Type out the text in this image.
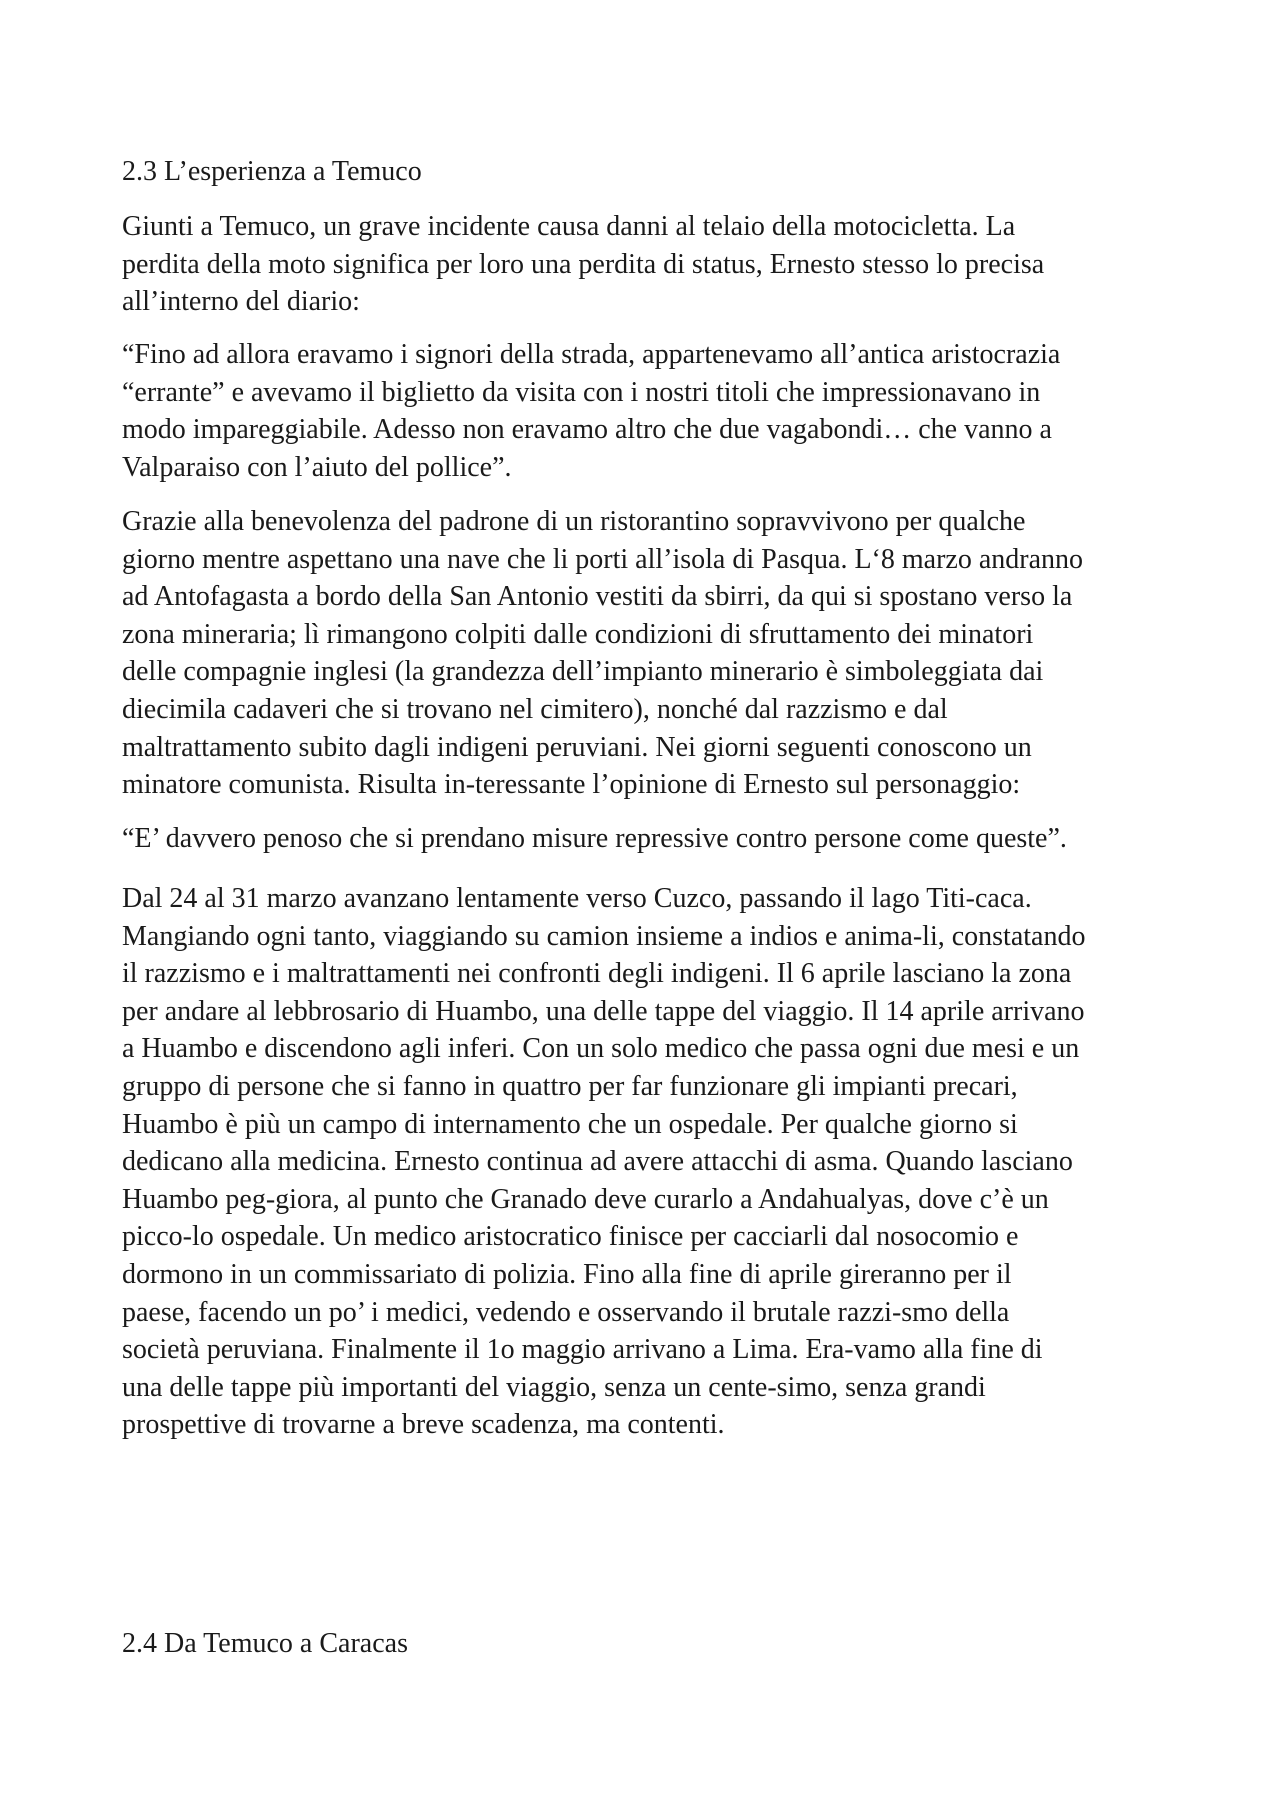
2.3 L’esperienza a Temuco

Giunti a Temuco, un grave incidente causa danni al telaio della motocicletta. La
perdita della moto significa per loro una perdita di status, Ernesto stesso lo precisa
all’interno del diario:

“Fino ad allora eravamo i signori della strada, appartenevamo all’antica aristocrazia
“errante” e avevamo il biglietto da visita con i nostri titoli che impressionavano in
modo impareggiabile. Adesso non eravamo altro che due vagabondi… che vanno a
Valparaiso con l’aiuto del pollice”.

Grazie alla benevolenza del padrone di un ristorantino sopravvivono per qualche
giorno mentre aspettano una nave che li porti all’isola di Pasqua. L‘8 marzo andranno
ad Antofagasta a bordo della San Antonio vestiti da sbirri, da qui si spostano verso la
zona mineraria; lì rimangono colpiti dalle condizioni di sfruttamento dei minatori
delle compagnie inglesi (la grandezza dell’impianto minerario è simboleggiata dai
diecimila cadaveri che si trovano nel cimitero), nonché dal razzismo e dal
maltrattamento subito dagli indigeni peruviani. Nei giorni seguenti conoscono un
minatore comunista. Risulta in-teressante l’opinione di Ernesto sul personaggio:

“E’ davvero penoso che si prendano misure repressive contro persone come queste”.

Dal 24 al 31 marzo avanzano lentamente verso Cuzco, passando il lago Titi-caca.
Mangiando ogni tanto, viaggiando su camion insieme a indios e anima-li, constatando
il razzismo e i maltrattamenti nei confronti degli indigeni. Il 6 aprile lasciano la zona
per andare al lebbrosario di Huambo, una delle tappe del viaggio. Il 14 aprile arrivano
a Huambo e discendono agli inferi. Con un solo medico che passa ogni due mesi e un
gruppo di persone che si fanno in quattro per far funzionare gli impianti precari,
Huambo è più un campo di internamento che un ospedale. Per qualche giorno si
dedicano alla medicina. Ernesto continua ad avere attacchi di asma. Quando lasciano
Huambo peg-giora, al punto che Granado deve curarlo a Andahualyas, dove c’è un
picco-lo ospedale. Un medico aristocratico finisce per cacciarli dal nosocomio e
dormono in un commissariato di polizia. Fino alla fine di aprile gireranno per il
paese, facendo un po’ i medici, vedendo e osservando il brutale razzi-smo della
società peruviana. Finalmente il 1o maggio arrivano a Lima. Era-vamo alla fine di
una delle tappe più importanti del viaggio, senza un cente-simo, senza grandi
prospettive di trovarne a breve scadenza, ma contenti.

2.4 Da Temuco a Caracas
